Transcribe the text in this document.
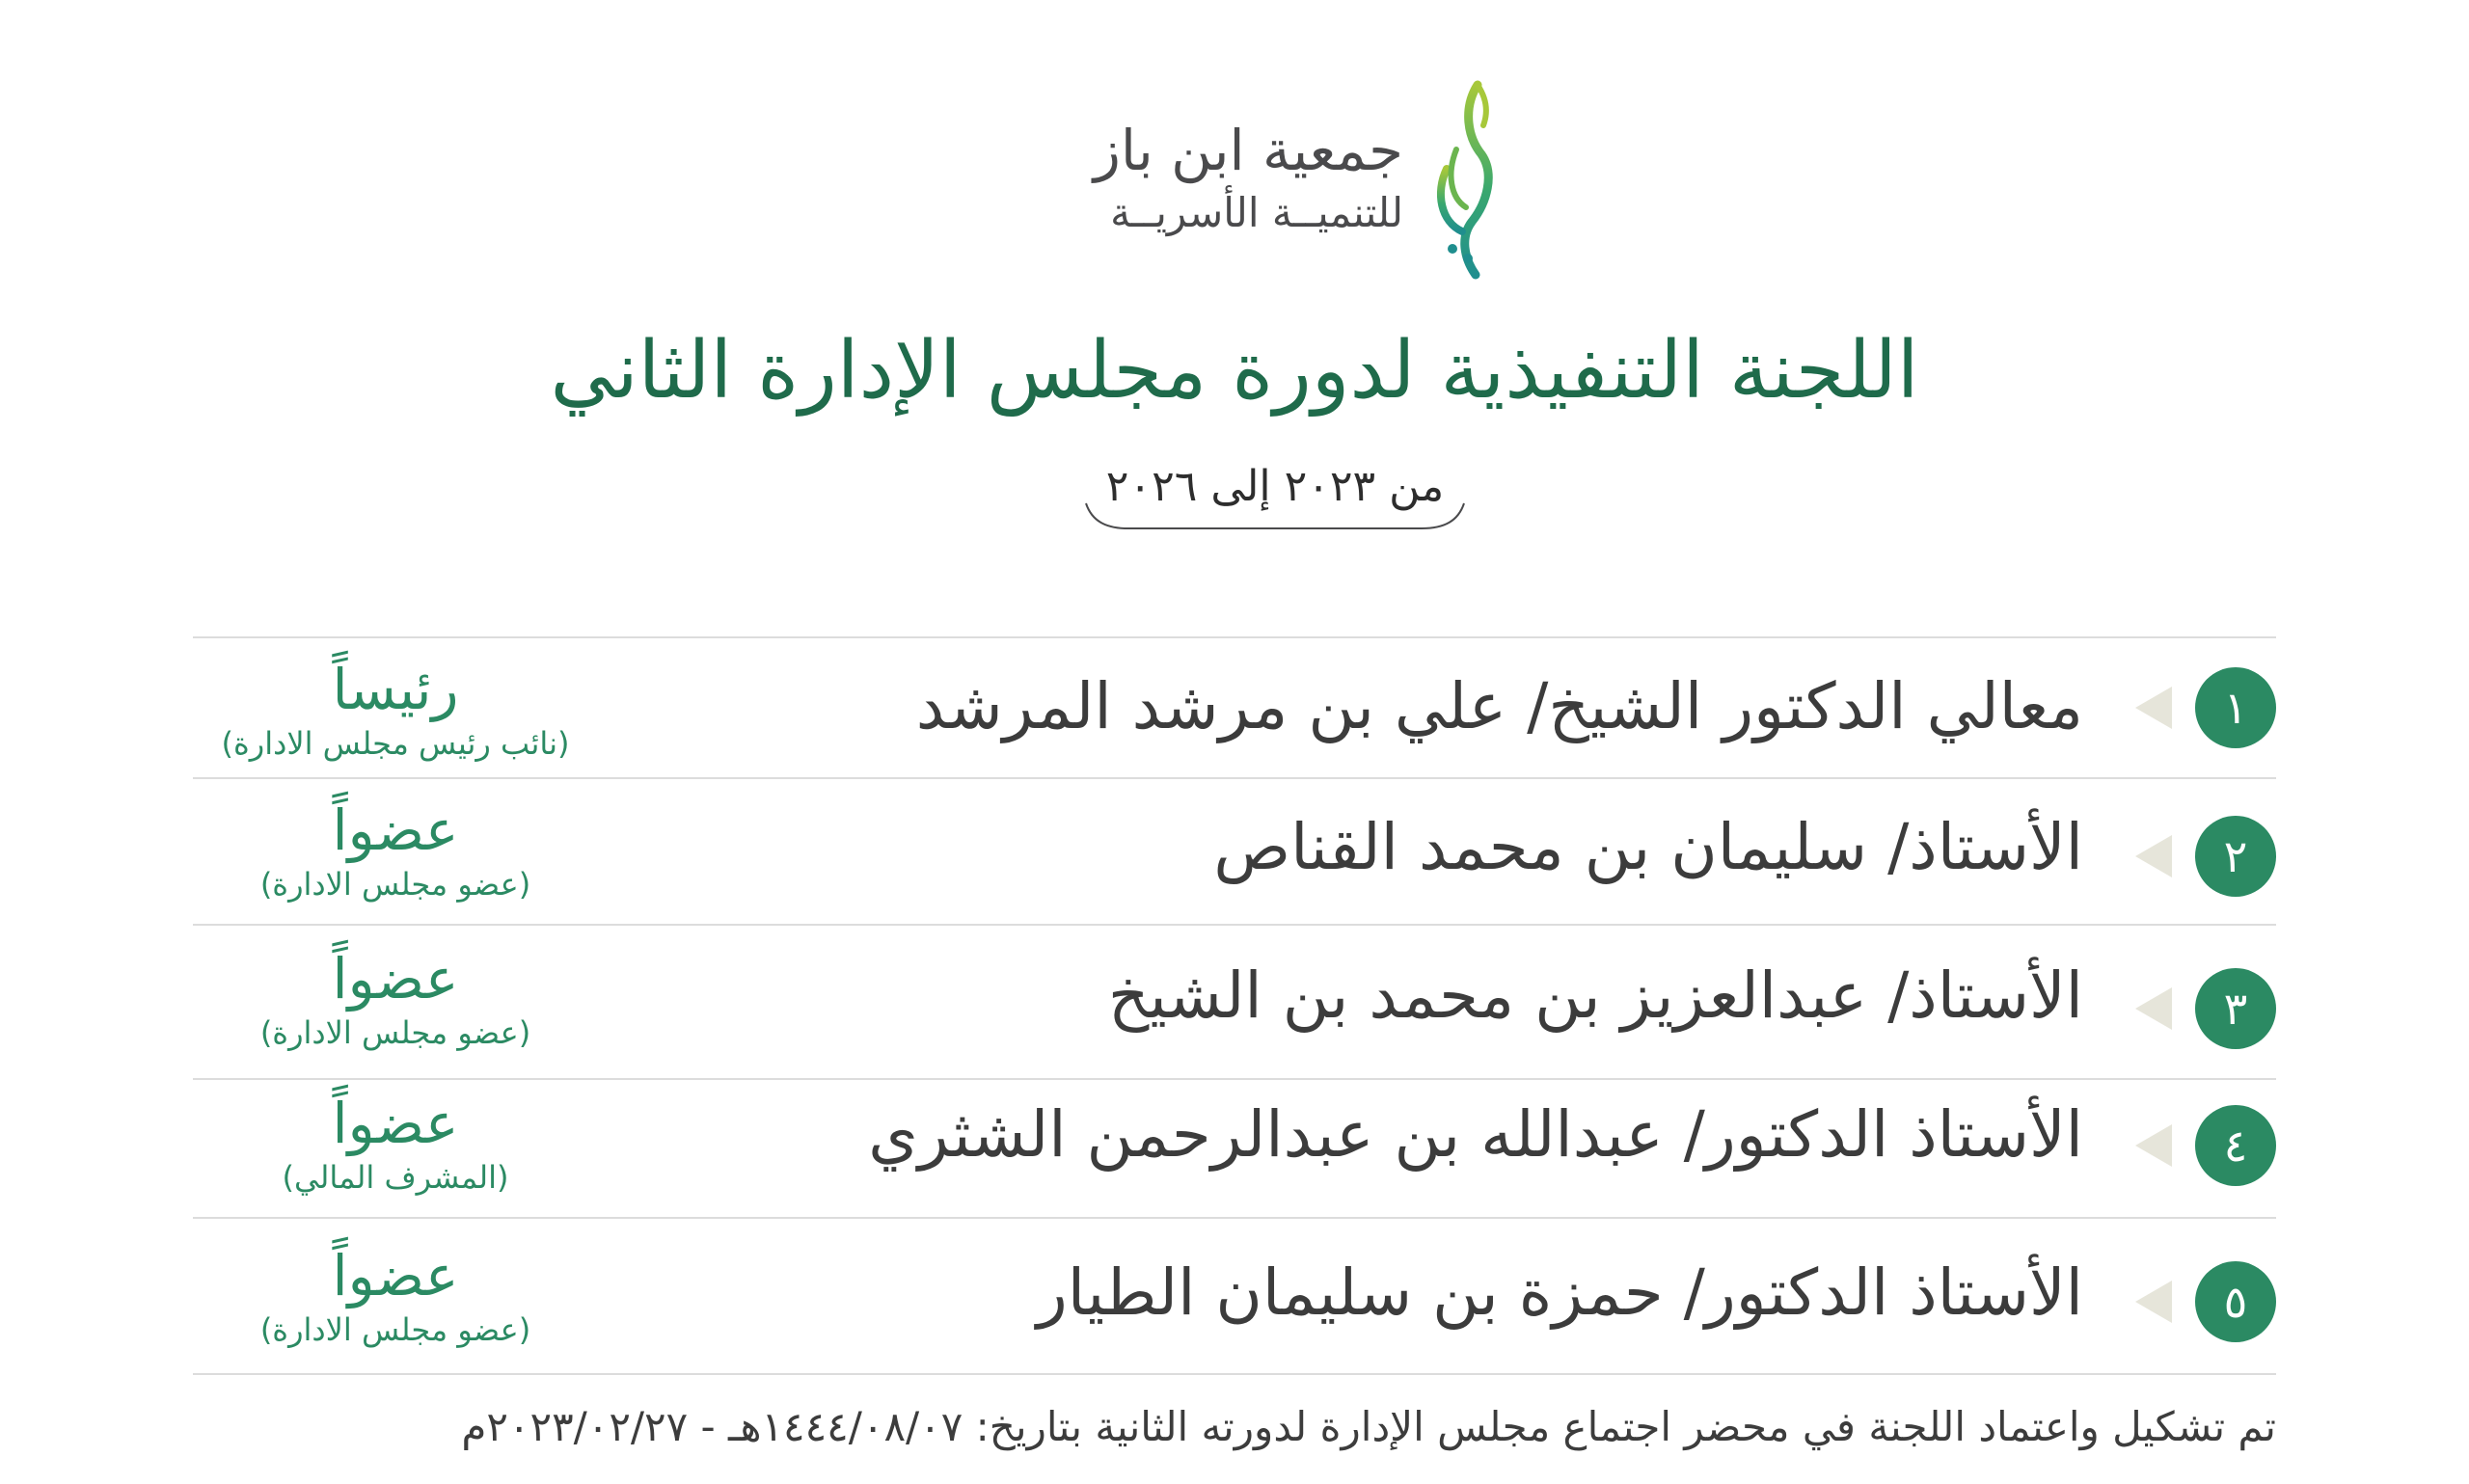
جمعية ابن باز
للتنميــة الأسريــة
اللجنة التنفيذية لدورة مجلس الإدارة الثاني
من ٢٠٢٣ إلى ٢٠٢٦
١
معالي الدكتور الشيخ/ علي بن مرشد المرشد
رئيساً
(نائب رئيس مجلس الادارة)
٢
الأستاذ/ سليمان بن محمد القناص
عضواً
(عضو مجلس الادارة)
٣
الأستاذ/ عبدالعزيز بن محمد بن الشيخ
عضواً
(عضو مجلس الادارة)
٤
الأستاذ الدكتور/ عبدالله بن عبدالرحمن الشثري
عضواً
(المشرف المالي)
٥
الأستاذ الدكتور/ حمزة بن سليمان الطيار
عضواً
(عضو مجلس الادارة)
تم تشكيل واعتماد اللجنة في محضر اجتماع مجلس الإدارة لدورته الثانية بتاريخ: ١٤٤٤/٠٨/٠٧هـ - ٢٠٢٣/٠٢/٢٧م
